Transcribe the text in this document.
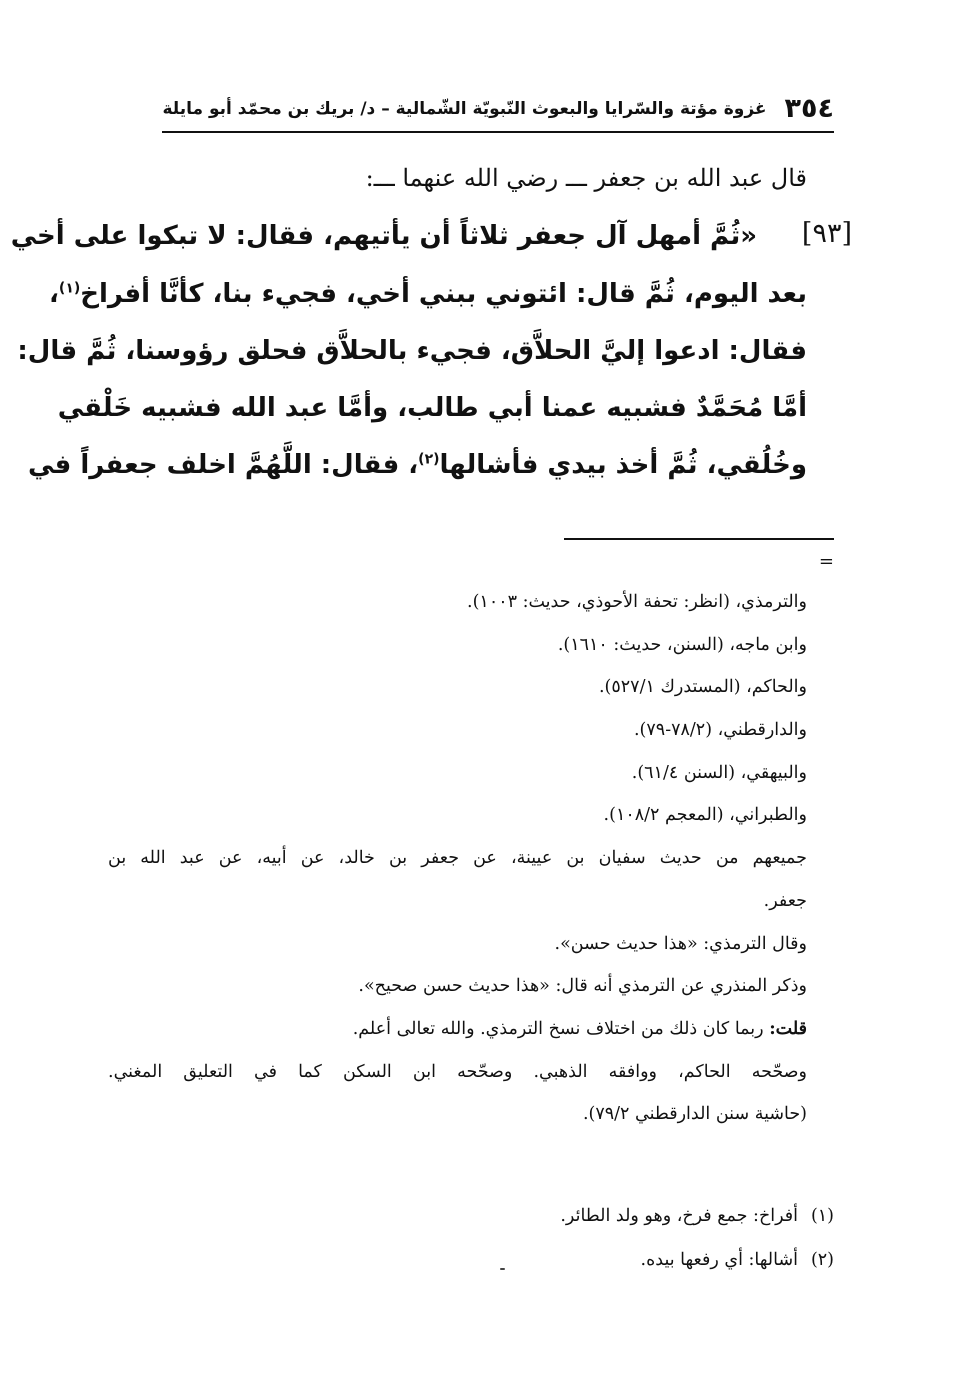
٣٥٤
غزوة مؤتة والسّرايا والبعوث النّبويّة الشّمالية – د/ بريك بن محمّد أبو مايلة
قال عبد الله بن جعفر ـــ رضي الله عنهما ـــ:
[٩٣]
«ثُمَّ أمهل آل جعفر ثلاثاً أن يأتيهم، فقال: لا تبكوا على أخي
بعد اليوم، ثُمَّ قال: ائتوني ببني أخي، فجيء بنا، كأنَّا أفراخ$^{(١)}$،
فقال: ادعوا إليَّ الحلاَّق، فجيء بالحلاَّق فحلق رؤوسنا، ثُمَّ قال:
أمَّا مُحَمَّدٌ فشبيه عمنا أبي طالب، وأمَّا عبد الله فشبيه خَلْقي
وخُلُقي، ثُمَّ أخذ بيدي فأشالها$^{(٢)}$، فقال: اللَّهُمَّ اخلف جعفراً في
=
والترمذي، (انظر: تحفة الأحوذي، حديث: ١٠٠٣).
وابن ماجه، (السنن، حديث: ١٦١٠).
والحاكم، (المستدرك ٥٢٧/١).
والدارقطني، (٧٨/٢-٧٩).
والبيهقي، (السنن ٦١/٤).
والطبراني، (المعجم ١٠٨/٢).
جميعهم من حديث سفيان بن عيينة، عن جعفر بن خالد، عن أبيه، عن عبد الله بن
جعفر.
وقال الترمذي: «هذا حديث حسن».
وذكر المنذري عن الترمذي أنه قال: «هذا حديث حسن صحيح».
قلت: ربما كان ذلك من اختلاف نسخ الترمذي. والله تعالى أعلم.
وصحّحه الحاكم، ووافقه الذهبي. وصحّحه ابن السكن كما في التعليق المغني.
(حاشية سنن الدارقطني ٧٩/٢).
(١)
أفراخ: جمع فرخ، وهو ولد الطائر.
(٢)
أشالها: أي رفعها بيده.
